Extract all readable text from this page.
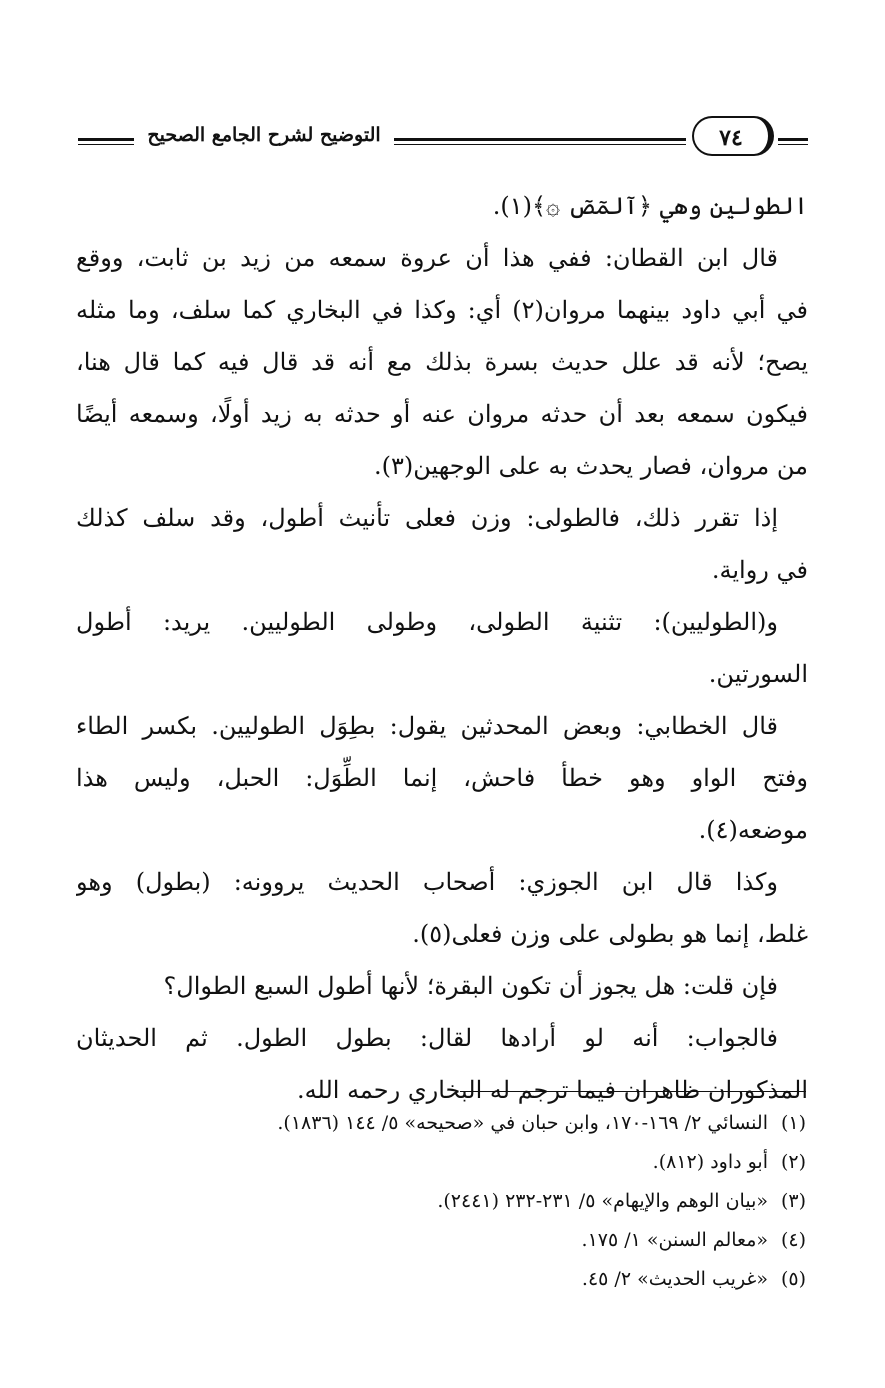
التوضيح لشرح الجامع الصحيح	٧٤
الطولين وهي ﴿آلمٓصٓ ۞﴾(١).
قال ابن القطان: ففي هذا أن عروة سمعه من زيد بن ثابت، ووقع
في أبي داود بينهما مروان(٢) أي: وكذا في البخاري كما سلف، وما مثله
يصح؛ لأنه قد علل حديث بسرة بذلك مع أنه قد قال فيه كما قال هنا،
فيكون سمعه بعد أن حدثه مروان عنه أو حدثه به زيد أولًا، وسمعه أيضًا
من مروان، فصار يحدث به على الوجهين(٣).
إذا تقرر ذلك، فالطولى: وزن فعلى تأنيث أطول، وقد سلف كذلك
في رواية.
و(الطوليين): تثنية الطولى، وطولى الطوليين. يريد: أطول
السورتين.
قال الخطابي: وبعض المحدثين يقول: بطِوَل الطوليين. بكسر الطاء
وفتح الواو وهو خطأ فاحش، إنما الطِّوَل: الحبل، وليس هذا
موضعه(٤).
وكذا قال ابن الجوزي: أصحاب الحديث يروونه: (بطول) وهو
غلط، إنما هو بطولى على وزن فعلى(٥).
فإن قلت: هل يجوز أن تكون البقرة؛ لأنها أطول السبع الطوال؟
فالجواب: أنه لو أرادها لقال: بطول الطول. ثم الحديثان
المذكوران ظاهران فيما ترجم له البخاري رحمه الله.
(١)النسائي ٢/ ١٦٩-١٧٠، وابن حبان في «صحيحه» ٥/ ١٤٤ (١٨٣٦).
(٢)أبو داود (٨١٢).
(٣)«بيان الوهم والإيهام» ٥/ ٢٣١-٢٣٢ (٢٤٤١).
(٤)«معالم السنن» ١/ ١٧٥.
(٥)«غريب الحديث» ٢/ ٤٥.
